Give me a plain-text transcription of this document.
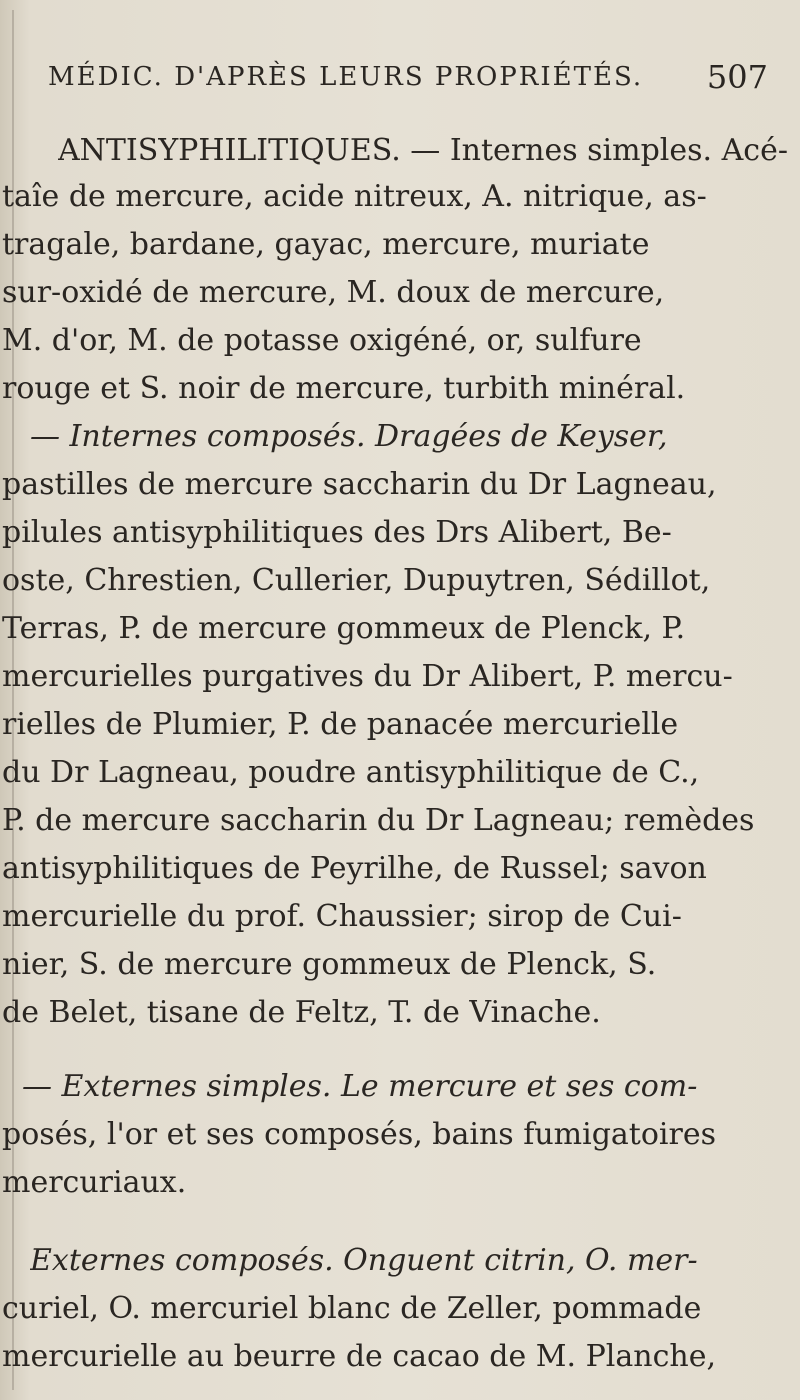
MÉDIC. D'APRÈS LEURS PROPRIÉTÉS. 507
ANTISYPHILITIQUES. — Internes simples. Acé-
taîe de mercure, acide nitreux, A. nitrique, as-
tragale, bardane, gayac, mercure, muriate
sur-oxidé de mercure, M. doux de mercure,
M. d'or, M. de potasse oxigéné, or, sulfure
rouge et S. noir de mercure, turbith minéral.
— Internes composés. Dragées de Keyser,
pastilles de mercure saccharin du Dr Lagneau,
pilules antisyphilitiques des Drs Alibert, Be-
oste, Chrestien, Cullerier, Dupuytren, Sédillot,
Terras, P. de mercure gommeux de Plenck, P.
mercurielles purgatives du Dr Alibert, P. mercu-
rielles de Plumier, P. de panacée mercurielle
du Dr Lagneau, poudre antisyphilitique de C.,
P. de mercure saccharin du Dr Lagneau; remèdes
antisyphilitiques de Peyrilhe, de Russel; savon
mercurielle du prof. Chaussier; sirop de Cui-
nier, S. de mercure gommeux de Plenck, S.
de Belet, tisane de Feltz, T. de Vinache.
— Externes simples. Le mercure et ses com-
posés, l'or et ses composés, bains fumigatoires
mercuriaux.
Externes composés. Onguent citrin, O. mer-
curiel, O. mercuriel blanc de Zeller, pommade
mercurielle au beurre de cacao de M. Planche,
